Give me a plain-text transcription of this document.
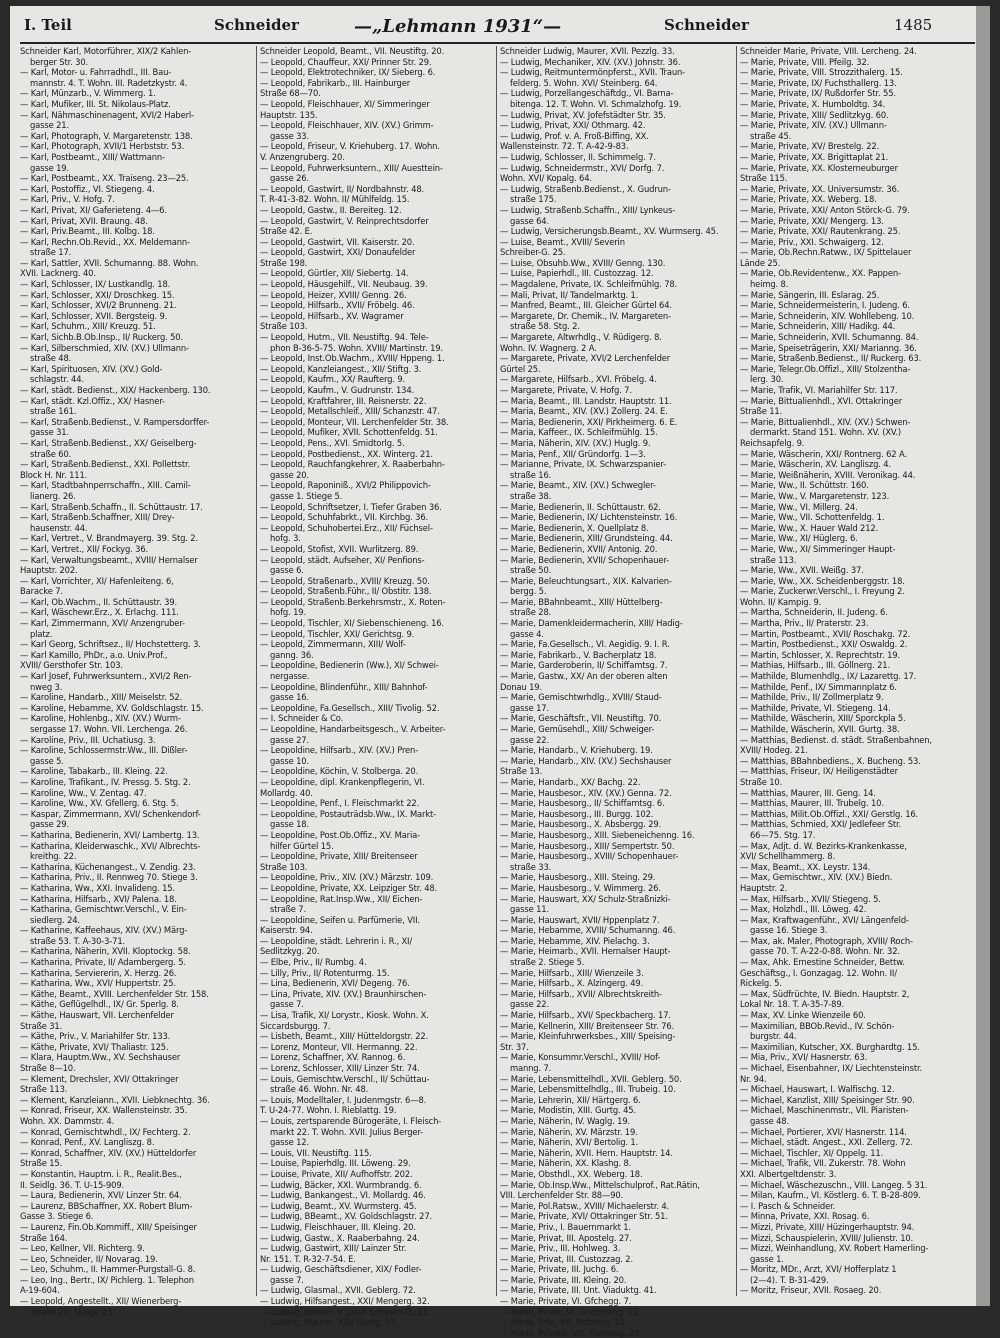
I. Teil	Schneider	—„Lehmann 1931“—	Schneider	1485
Schneider Karl, Motorführer, XIX/2 Kahlen-
berger Str. 30.
— Karl, Motor- u. Fahrradhdl., III. Bau-
mannstr. 4. T. Wohn. III. Radetzkystr. 4.
— Karl, Münzarb., V. Wimmerg. 1.
— Karl, Mufiker, III. St. Nikolaus-Platz.
— Karl, Nähmaschinenagent, XVI/2 Haberl-
gasse 21.
— Karl, Photograph, V. Margaretenstr. 138.
— Karl, Photograph, XVII/1 Herbststr. 53.
— Karl, Postbeamt., XIII/ Wattmann-
gasse 19.
— Karl, Postbeamt., XX. Traiseng. 23—25.
— Karl, Postoffiz., VI. Stiegeng. 4.
— Karl, Priv., V. Hofg. 7.
— Karl, Privat, XI/ Gaferieteng. 4—6.
— Karl, Privat, XVII. Braung. 48.
— Karl, Priv.Beamt., III. Kolbg. 18.
— Karl, Rechn.Ob.Revid., XX. Meldemann-
straße 17.
— Karl, Sattler, XVII. Schumanng. 88. Wohn.
XVII. Lacknerg. 40.
— Karl, Schlosser, IX/ Lustkandlg. 18.
— Karl, Schlosser, XXI/ Droschkeg. 15.
— Karl, Schlosser, XVI/2 Brunneng. 21.
— Karl, Schlosser, XVII. Bergsteig. 9.
— Karl, Schuhm., XIII/ Kreuzg. 51.
— Karl, Sichb.B.Ob.Insp., II/ Ruckerg. 50.
— Karl, Silberschmied, XIV. (XV.) Ullmann-
straße 48.
— Karl, Spirituosen, XIV. (XV.) Gold-
schlagstr. 44.
— Karl, städt. Bedienst., XIX/ Hackenberg. 130.
— Karl, städt. Kzl.Offiz., XX/ Hasner-
straße 161.
— Karl, Straßenb.Bedienst., V. Rampersdorffer-
gasse 31.
— Karl, Straßenb.Bedienst., XX/ Geiselberg-
straße 60.
— Karl, Straßenb.Bedienst., XXI. Pollettstr.
Block H. Nr. 111.
— Karl, Stadtbahnperrschaffn., XIII. Camil-
lianerg. 26.
— Karl, Straßenb.Schaffn., II. Schüttaustr. 17.
— Karl, Straßenb.Schaffner, XIII/ Drey-
hausenstr. 44.
— Karl, Vertret., V. Brandmayerg. 39. Stg. 2.
— Karl, Vertret., XII/ Fockyg. 36.
— Karl, Verwaltungsbeamt., XVIII/ Hernalser
Hauptstr. 202.
— Karl, Vorrichter, XI/ Hafenleiteng. 6,
Baracke 7.
— Karl, Ob.Wachm., II. Schüttaustr. 39.
— Karl, Wäschewr.Erz., X. Erlachg. 111.
— Karl, Zimmermann, XVI/ Anzengruber-
platz.
— Karl Georg, Schriftsez., II/ Hochstetterg. 3.
— Karl Kamillo, PhDr., a.o. Univ.Prof.,
XVIII/ Gersthofer Str. 103.
— Karl Josef, Fuhrwerksuntern., XVI/2 Ren-
nweg 3.
— Karoline, Handarb., XIII/ Meiselstr. 52.
— Karoline, Hebamme, XV. Goldschlagstr. 15.
— Karoline, Hohlenbg., XIV. (XV.) Wurm-
sergasse 17. Wohn. VII. Lerchenga. 26.
— Karoline, Priv., III. Uchatiusg. 3.
— Karoline, Schlossermstr.Ww., III. Dißler-
gasse 5.
— Karoline, Tabakarb., III. Kleing. 22.
— Karoline, Trafikant., IV. Pressg. 5. Stg. 2.
— Karoline, Ww., V. Zentag. 47.
— Karoline, Ww., XV. Gfellerg. 6. Stg. 5.
— Kaspar, Zimmermann, XVI/ Schenkendorf-
gasse 29.
— Katharina, Bedienerin, XVI/ Lambertg. 13.
— Katharina, Kleiderwaschk., XVI/ Albrechts-
kreithg. 22.
— Katharina, Küchenangest., V. Zendig. 23.
— Katharina, Priv., II. Rennweg 70. Stiege 3.
— Katharina, Ww., XXI. Invalideng. 15.
— Katharina, Hilfsarb., XVI/ Palena. 18.
— Katharina, Gemischtwr.Verschl., V. Ein-
siedlerg. 24.
— Katharine, Kaffeehaus, XIV. (XV.) Märg-
straße 53. T. A-30-3-71.
— Katharina, Näherin, XVII. Kloptockg. 58.
— Katharina, Private, II/ Adambergerg. 5.
— Katharina, Serviererin, X. Herzg. 26.
— Katharina, Ww., XVI/ Huppertstr. 25.
— Käthe, Beamt., XVIII. Lerchenfelder Str. 158.
— Käthe, Geflügelhdl., IX/ Gr. Sperlg. 8.
— Käthe, Hauswart, VII. Lerchenfelder
Straße 31.
— Käthe, Priv., V. Mariahilfer Str. 133.
— Käthe, Private, XVI/ Thaliastr. 125.
— Klara, Hauptm.Ww., XV. Sechshauser
Straße 8—10.
— Klement, Drechsler, XVI/ Ottakringer
Straße 113.
— Klement, Kanzleiann., XVII. Liebknechtg. 36.
— Konrad, Friseur, XX. Wallensteinstr. 35.
Wohn. XX. Dammstr. 4.
— Konrad, Gemischtwhdl., IX/ Fechterg. 2.
— Konrad, Penf., XV. Langliszg. 8.
— Konrad, Schaffner, XIV. (XV.) Hütteldorfer
Straße 15.
— Konstantin, Hauptm. i. R., Realit.Bes.,
II. Seidlg. 36. T. U-15-909.
— Laura, Bedienerin, XVI/ Linzer Str. 64.
— Laurenz, BBSchaffner, XX. Robert Blum-
Gasse 3. Stiege 6.
— Laurenz, Fin.Ob.Kommiff., XIII/ Speisinger
Straße 164.
— Leo, Kellner, VII. Richterg. 9.
— Leo, Schneider, II/ Novarag. 19.
— Leo, Schuhm., II. Hammer-Purgstall-G. 8.
— Leo, Ing., Bertr., IX/ Pichlerg. 1. Telephon
A-19-604.
— Leopold, Angestellt., XII/ Wienerberg-
straße 20, Stiege 23.
Schneider Leopold, Beamt., VII. Neustiftg. 20.
— Leopold, Chauffeur, XXI/ Prinner Str. 29.
— Leopold, Elektrotechniker, IX/ Sieberg. 6.
— Leopold, Fabrikarb., III. Hainburger
Straße 68—70.
— Leopold, Fleischhauer, XI/ Simmeringer
Hauptstr. 135.
— Leopold, Fleischhauer, XIV. (XV.) Grimm-
gasse 33.
— Leopold, Friseur, V. Kriehuberg. 17. Wohn.
V. Anzengruberg. 20.
— Leopold, Fuhrwerksuntern., XIII/ Auesttein-
gasse 26.
— Leopold, Gastwirt, II/ Nordbahnstr. 48.
T. R-41-3-82. Wohn. II/ Mühlfeldg. 15.
— Leopold, Gastw., II. Bereiteg. 12.
— Leopold, Gastwirt, V. Reinprechtsdorfer
Straße 42. E.
— Leopold, Gastwirt, VII. Kaiserstr. 20.
— Leopold, Gastwirt, XXI/ Donaufelder
Straße 198.
— Leopold, Gürtler, XII/ Siebertg. 14.
— Leopold, Häusgehilf., VII. Neubaug. 39.
— Leopold, Heizer, XVIII/ Genng. 26.
— Leopold, Hilfsarb., XVII/ Fröbelg. 46.
— Leopold, Hilfsarb., XV. Wagramer
Straße 103.
— Leopold, Hutm., VII. Neustiftg. 94. Tele-
phon B-36-5-75. Wohn. XVIII/ Martinstr. 19.
— Leopold, Inst.Ob.Wachm., XVIII/ Hppeng. 1.
— Leopold, Kanzleiangest., XII/ Stiftg. 3.
— Leopold, Kaufm., XX/ Raufterg. 9.
— Leopold, Kaufm., V. Gudrunstr. 134.
— Leopold, Kraftfahrer, III. Reisnerstr. 22.
— Leopold, Metallschleif., XIII/ Schanzstr. 47.
— Leopold, Monteur, VII. Lerchenfelder Str. 38.
— Leopold, Mufiker, XVII. Schottenfeldg. 51.
— Leopold, Pens., XVI. Smidtorlg. 5.
— Leopold, Postbedienst., XX. Winterg. 21.
— Leopold, Rauchfangkehrer, X. Raaberbahn-
gasse 20.
— Leopold, Raponiniß., XVI/2 Philippovich-
gasse 1. Stiege 5.
— Leopold, Schriftsetzer, I. Tiefer Graben 36.
— Leopold, Schuhfabrkt., VII. Kirchbg. 36.
— Leopold, Schuhobertei.Erz., XII/ Füchsel-
hofg. 3.
— Leopold, Stofist, XVII. Wurlitzerg. 89.
— Leopold, städt. Aufseher, XI/ Penfions-
gasse 6.
— Leopold, Straßenarb., XVIII/ Kreuzg. 50.
— Leopold, Straßenb.Führ., II/ Obstitr. 138.
— Leopold, Straßenb.Berkehrsmstr., X. Roten-
hofg. 19.
— Leopold, Tischler, XI/ Siebenschieneng. 16.
— Leopold, Tischler, XXI/ Gerichtsg. 9.
— Leopold, Zimmermann, XIII/ Wolf-
ganng. 36.
— Leopoldine, Bedienerin (Ww.), XI/ Schwei-
nergasse.
— Leopoldine, Blindenführ., XIII/ Bahnhof-
gasse 16.
— Leopoldine, Fa.Gesellsch., XIII/ Tivolig. 52.
— I. Schneider & Co.
— Leopoldine, Handarbeitsgesch., V. Arbeiter-
gasse 27.
— Leopoldine, Hilfsarb., XIV. (XV.) Pren-
gasse 10.
— Leopoldine, Köchin, V. Stolberga. 20.
— Leopoldine, dipl. Krankenpflegerin, VI.
Mollardg. 40.
— Leopoldine, Penf., I. Fleischmarkt 22.
— Leopoldine, Postauträdsb.Ww., IX. Markt-
gasse 18.
— Leopoldine, Post.Ob.Offiz., XV. Maria-
hilfer Gürtel 15.
— Leopoldine, Private, XIII/ Breitenseer
Straße 103.
— Leopoldine, Priv., XIV. (XV.) Märzstr. 109.
— Leopoldine, Private, XX. Leipziger Str. 48.
— Leopoldine, Rat.Insp.Ww., XII/ Eichen-
straße 7.
— Leopoldine, Seifen u. Parfümerie, VII.
Kaiserstr. 94.
— Leopoldine, städt. Lehrerin i. R., XI/
Sedlitzkyg. 20.
— Elbe, Priv., II/ Rumbg. 4.
— Lilly, Priv., II/ Rotenturmg. 15.
— Lina, Bedienerin, XVI/ Degeng. 76.
— Lina, Private, XIV. (XV.) Braunhirschen-
gasse 7.
— Lisa, Trafik, XI/ Lorystr., Kiosk. Wohn. X.
Siccardsburgg. 7.
— Lisbeth, Beamt., XIII/ Hütteldorgstr. 22.
— Lorenz, Monteur, VII. Hermanng. 22.
— Lorenz, Schaffner, XV. Rannog. 6.
— Lorenz, Schlosser, XIII/ Linzer Str. 74.
— Louis, Gemischtw.Verschl., II/ Schüttau-
straße 46. Wohn. Nr. 48.
— Louis, Modelltaler, I. Judenmgstr. 6—8.
T. U-24-77. Wohn. I. Rieblattg. 19.
— Louis, zertsparende Bürogeräte, I. Fleisch-
markt 22. T. Wohn. XVII. Julius Berger-
gasse 12.
— Louis, VII. Neustiftg. 115.
— Louise, Papierhdlg. III. Löweng. 29.
— Louise, Private, XII/ Aufhoffstr. 202.
— Ludwig, Bäcker, XXI. Wurmbrandg. 6.
— Ludwig, Bankangest., VI. Mollardg. 46.
— Ludwig, Beamt., XV. Wurmsterg. 45.
— Ludwig, BBeamt., XV. Goldschlagstr. 27.
— Ludwig, Fleischhauer, III. Kleing. 20.
— Ludwig, Gastw., X. Raaberbahng. 24.
— Ludwig, Gastwirt, XIII/ Lainzer Str.
Nr. 151. T. R-32-7-54. E.
— Ludwig, Geschäftsdiener, XIX/ Fodler-
gasse 7.
— Ludwig, Glasmal., XVII. Geblerg. 72.
— Ludwig, Hilfsangest., XXI/ Mengerg. 32.
— Ludwig, Kellner, V. Josef Schwarz-G. 11.
— Ludwig, Maurer, XXI/ Gurtg. 55.
Schneider Ludwig, Maurer, XVII. Pezzlg. 33.
— Ludwig, Mechaniker, XIV. (XV.) Johnstr. 36.
— Ludwig, Reitmuntermönpferst., XVII. Traun-
felderg. 5. Wohn. XVI/ Steinberg. 64.
— Ludwig, Porzellangeschäftdg., VI. Barna-
bitenga. 12. T. Wohn. VI. Schmalzhofg. 19.
— Ludwig, Privat, XV. Jofefstädter Str. 35.
— Ludwig, Privat, XXI/ Othmarg. 42.
— Ludwig, Prof. v. A. Froß-Biffing, XX.
Wallensteinstr. 72. T. A-42-9-83.
— Ludwig, Schlosser, II. Schimmelg. 7.
— Ludwig, Schneidermstr., XVI/ Dorfg. 7.
Wohn. XVI/ Kopalg. 64.
— Ludwig, Straßenb.Bedienst., X. Gudrun-
straße 175.
— Ludwig, Straßenb.Schaffn., XIII/ Lynkeus-
gasse 64.
— Ludwig, Versicherungsb.Beamt., XV. Wurmserg. 45.
— Luise, Beamt., XVIII/ Severin
Schreiber-G. 25.
— Luise, Obsuhb.Ww., XVIII/ Genng. 130.
— Luise, Papierhdl., III. Custozzag. 12.
— Magdalene, Private, IX. Schleifmühlg. 78.
— Mali, Privat, II/ Tandelmarktg. 1.
— Manfred, Beamt., III. Gleicher Gürtel 64.
— Margarete, Dr. Chemik., IV. Margareten-
straße 58. Stg. 2.
— Margarete, Altwrhdlg., V. Rüdigerg. 8.
Wohn. IV. Wagnerg. 2 A.
— Margarete, Private, XVI/2 Lerchenfelder
Gürtel 25.
— Margarete, Hilfsarb., XVI. Fröbelg. 4.
— Margarete, Private, V. Hofg. 7.
— Maria, Beamt., III. Landstr. Hauptstr. 11.
— Maria, Beamt., XIV. (XV.) Zollerg. 24. E.
— Maria, Bedienerin, XXI/ Pirkheimerg. 6. E.
— Maria, Kaffeer., IX. Schleifmühlg. 15.
— Maria, Näherin, XIV. (XV.) Huglg. 9.
— Maria, Penf., XII/ Gründorfg. 1—3.
— Marianne, Private, IX. Schwarzspanier-
straße 16.
— Marie, Beamt., XIV. (XV.) Schwegler-
straße 38.
— Marie, Bedienerin, II. Schüttaustr. 62.
— Marie, Bedienerin, IX/ Lichtensteinstr. 16.
— Marie, Bedienerin, X. Quellplatz 8.
— Marie, Bedienerin, XIII/ Grundsteing. 44.
— Marie, Bedienerin, XVII/ Antonig. 20.
— Marie, Bedienerin, XVII/ Schopenhauer-
straße 50.
— Marie, Beleuchtungsart., XIX. Kalvarien-
bergg. 5.
— Marie, BBahnbeamt., XIII/ Hüttelberg-
straße 28.
— Marie, Damenkleidermacherin, XIII/ Hadig-
gasse 4.
— Marie, Fa.Gesellsch., VI. Aegidig. 9. I. R.
— Marie, Fabrikarb., V. Bacherplatz 18.
— Marie, Garderoberin, II/ Schiffamtsg. 7.
— Marie, Gastw., XX/ An der oberen alten
Donau 19.
— Marie, Gemischtwrhdlg., XVIII/ Staud-
gasse 17.
— Marie, Geschäftsfr., VII. Neustiftg. 70.
— Marie, Gemüsehdl., XIII/ Schweiger-
gasse 22.
— Marie, Handarb., V. Kriehuberg. 19.
— Marie, Handarb., XIV. (XV.) Sechshauser
Straße 13.
— Marie, Handarb., XX/ Bachg. 22.
— Marie, Hausbesor., XIV. (XV.) Genna. 72.
— Marie, Hausbesorg., II/ Schiffamtsg. 6.
— Marie, Hausbesorg., III. Burgg. 102.
— Marie, Hausbesorg., X. Absbergg. 29.
— Marie, Hausbesorg., XIII. Siebeneichenng. 16.
— Marie, Hausbesorg., XIII/ Sempertstr. 50.
— Marie, Hausbesorg., XVIII/ Schopenhauer-
straße 33.
— Marie, Hausbesorg., XIII. Steing. 29.
— Marie, Hausbesorg., V. Wimmerg. 26.
— Marie, Hauswart, XX/ Schulz-Straßnizki-
gasse 11.
— Marie, Hauswart, XVII/ Hppenplatz 7.
— Marie, Hebamme, XVIII/ Schumanng. 46.
— Marie, Hebamme, XIV. Pielachg. 3.
— Marie, Heimarb., XVII. Hernalser Haupt-
straße 2. Stiege 5.
— Marie, Hilfsarb., XIII/ Wienzeile 3.
— Marie, Hilfsarb., X. Alzingerg. 49.
— Marie, Hilfsarb., XVII/ Albrechtskreith-
gasse 22.
— Marie, Hilfsarb., XVI/ Speckbacherg. 17.
— Marie, Kellnerin, XIII/ Breitenseer Str. 76.
— Marie, Kleinfuhrwerksbes., XIII/ Speising-
Str. 37.
— Marie, Konsummr.Verschl., XVIII/ Hof-
manng. 7.
— Marie, Lebensmittelhdl., XVII. Geblerg. 50.
— Marie, Lebensmittelhdlg., III. Trubeig. 10.
— Marie, Lehrerin, XII/ Härtgerg. 6.
— Marie, Modistin, XIII. Gurtg. 45.
— Marie, Näherin, IV. Waglg. 19.
— Marie, Näherin, XV. Märzstr. 19.
— Marie, Näherin, XVI/ Bertolig. 1.
— Marie, Näherin, XVII. Hern. Hauptstr. 14.
— Marie, Näherin, XX. Klashg. 8.
— Marie, Obsthdl., XX. Weberg. 18.
— Marie, Ob.Insp.Ww., Mittelschulprof., Rat.Rätin,
VIII. Lerchenfelder Str. 88—90.
— Marie, Pol.Ratsw., XVIII/ Michaelerstr. 4.
— Marie, Private, XVI/ Ottakringer Str. 51.
— Marie, Priv., I. Bauernmarkt 1.
— Marie, Privat, III. Apostelg. 27.
— Marie, Priv., III. Hohlweg. 3.
— Marie, Privat, III. Custozzag. 2.
— Marie, Private, III. Juchg. 6.
— Marie, Private, III. Kleing. 20.
— Marie, Private, III. Unt. Viaduktg. 41.
— Marie, Private, VI. Gfchegg. 7.
— Marie, Privat, VI. Grüchteng. 11.
— Marie, Priv., VII. Richterg. 11.
— Marie, Private, VIII. Florianig. 20.
Schneider Marie, Private, VIII. Lercheng. 24.
— Marie, Private, VIII. Pfeilg. 32.
— Marie, Private, VIII. Strozzithalerg. 15.
— Marie, Private, IX/ Fuchsthallerg. 13.
— Marie, Private, IX/ Rußdorfer Str. 55.
— Marie, Private, X. Humboldtg. 34.
— Marie, Private, XIII/ Sedlitzkyg. 60.
— Marie, Private, XIV. (XV.) Ullmann-
straße 45.
— Marie, Private, XV/ Brestelg. 22.
— Marie, Private, XX. Brigittaplat 21.
— Marie, Private, XX. Klosterneuburger
Straße 115.
— Marie, Private, XX. Universumstr. 36.
— Marie, Private, XX. Weberg. 18.
— Marie, Private, XXI/ Anton Störck-G. 79.
— Marie, Private, XXI/ Mengerg. 13.
— Marie, Private, XXI/ Rautenkrang. 25.
— Marie, Priv., XXI. Schwaigerg. 12.
— Marie, Ob.Rechn.Ratww., IX/ Spittelauer
Lände 25.
— Marie, Ob.Revidentenw., XX. Pappen-
heimg. 8.
— Marie, Sängerin, III. Eslarag. 25.
— Marie, Schneidermeisterin, I. Judeng. 6.
— Marie, Schneiderin, XIV. Wohllebeng. 10.
— Marie, Schneiderin, XIII/ Hadikg. 44.
— Marie, Schneiderin, XVII. Schumanng. 84.
— Marie, Speiseträgerin, XXI/ Marianng. 36.
— Marie, Straßenb.Bedienst., II/ Ruckerg. 63.
— Marie, Telegr.Ob.Offizl., XIII/ Stolzentha-
lerg. 30.
— Marie, Trafik, VI. Mariahilfer Str. 117.
— Marie, Bittualienhdl., XVI. Ottakringer
Straße 11.
— Marie, Bittualienhdl., XIV. (XV.) Schwen-
dermarkt. Stand 151. Wohn. XV. (XV.)
Reichsapfelg. 9.
— Marie, Wäscherin, XXI/ Rontnerg. 62 A.
— Marie, Wäscherin, XV. Langliszg. 4.
— Marie, Weißnäherin, XVIII. Veronikag. 44.
— Marie, Ww., II. Schüttstr. 160.
— Marie, Ww., V. Margaretenstr. 123.
— Marie, Ww., VI. Millerg. 24.
— Marie, Ww., VII. Schottenfeldg. 1.
— Marie, Ww., X. Hauer Wald 212.
— Marie, Ww., XI/ Hüglerg. 6.
— Marie, Ww., XI/ Simmeringer Haupt-
straße 113.
— Marie, Ww., XVII. Weißg. 37.
— Marie, Ww., XX. Scheidenberggstr. 18.
— Marie, Zuckerwr.Verschl., I. Freyung 2.
Wohn. II/ Kampig. 9.
— Martha, Schneiderin, II. Judeng. 6.
— Martha, Priv., II/ Praterstr. 23.
— Martin, Postbeamt., XVII/ Roschakg. 72.
— Martin, Postbedienst., XXI/ Oswaldg. 2.
— Martin, Schlosser, X. Reprechtstr. 19.
— Mathias, Hilfsarb., III. Göllnerg. 21.
— Mathilde, Blumenhdlg., IX/ Lazarettg. 17.
— Mathilde, Penf., IX/ Simmannplatz 6.
— Mathilde, Priv., II/ Zollmerplatz 9.
— Mathilde, Private, VI. Stiegeng. 14.
— Mathilde, Wäscherin, XIII/ Sporckpla 5.
— Mathilde, Wäscherin, XVII. Gurtg. 38.
— Matthias, Bedienst. d. städt. Straßenbahnen,
XVIII/ Hodeg. 21.
— Matthias, BBahnbediens., X. Bucheng. 53.
— Matthias, Friseur, IX/ Heiligenstädter
Straße 10.
— Matthias, Maurer, III. Geng. 14.
— Matthias, Maurer, III. Trubelg. 10.
— Matthias, Milit.Ob.Offizl., XXI/ Gerstlg. 16.
— Matthias, Schmied, XXI/ Jedlefeer Str.
66—75. Stg. 17.
— Max, Adjt. d. W. Bezirks-Krankenkasse,
XVI/ Schellhammerg. 8.
— Max, Beamt., XX. Leystr. 134.
— Max, Gemischtwr., XIV. (XV.) Biedn.
Hauptstr. 2.
— Max, Hilfsarb., XVII/ Stiegeng. 5.
— Max, Holzhdl., III. Löweg. 42.
— Max, Kraftwagenführ., XVI/ Längenfeld-
gasse 16. Stiege 3.
— Max, ak. Maler, Photograph, XVIII/ Roch-
gasse 70. T. A-22-0-88. Wohn. Nr. 32.
— Max, Ahk. Ernestine Schneider, Bettw.
Geschäftsg., I. Gonzagag. 12. Wohn. II/
Rickelg. 5.
— Max, Südfrüchte, IV. Biedn. Hauptstr. 2,
Lokal Nr. 18. T. A-35-7-89.
— Max, XV. Linke Wienzeile 60.
— Maximilian, BBOb.Revid., IV. Schön-
burgstr. 44.
— Maximilian, Kutscher, XX. Burghardtg. 15.
— Mia, Priv., XVI/ Hasnerstr. 63.
— Michael, Eisenbahner, IX/ Liechtensteinstr.
Nr. 94.
— Michael, Hauswart, I. Walfischg. 12.
— Michael, Kanzlist, XIII/ Speisinger Str. 90.
— Michael, Maschinenmstr., VII. Piaristen-
gasse 48.
— Michael, Portierer, XVI/ Hasnerstr. 114.
— Michael, städt. Angest., XXI. Zellerg. 72.
— Michael, Tischler, XI/ Oppelg. 11.
— Michael, Trafik, VII. Zukerstr. 78. Wohn
XXI. Albertgeltdenstr. 3.
— Michael, Wäschezuschn., VIII. Langeg. 5 31.
— Milan, Kaufm., VI. Köstlerg. 6. T. B-28-809.
— I. Pasch & Schneider.
— Minna, Private, XXI. Rosag. 6.
— Mizzi, Private, XIII/ Hüzingerhauptstr. 94.
— Mizzi, Schauspielerin, XVIII/ Julienstr. 10.
— Mizzi, Weinhandlung, XV. Robert Hamerling-
gasse 1.
— Moritz, MDr., Arzt, XVI/ Hofferplatz 1
(2—4). T. B-31-429.
— Moritz, Friseur, XVII. Rosaeg. 20.
